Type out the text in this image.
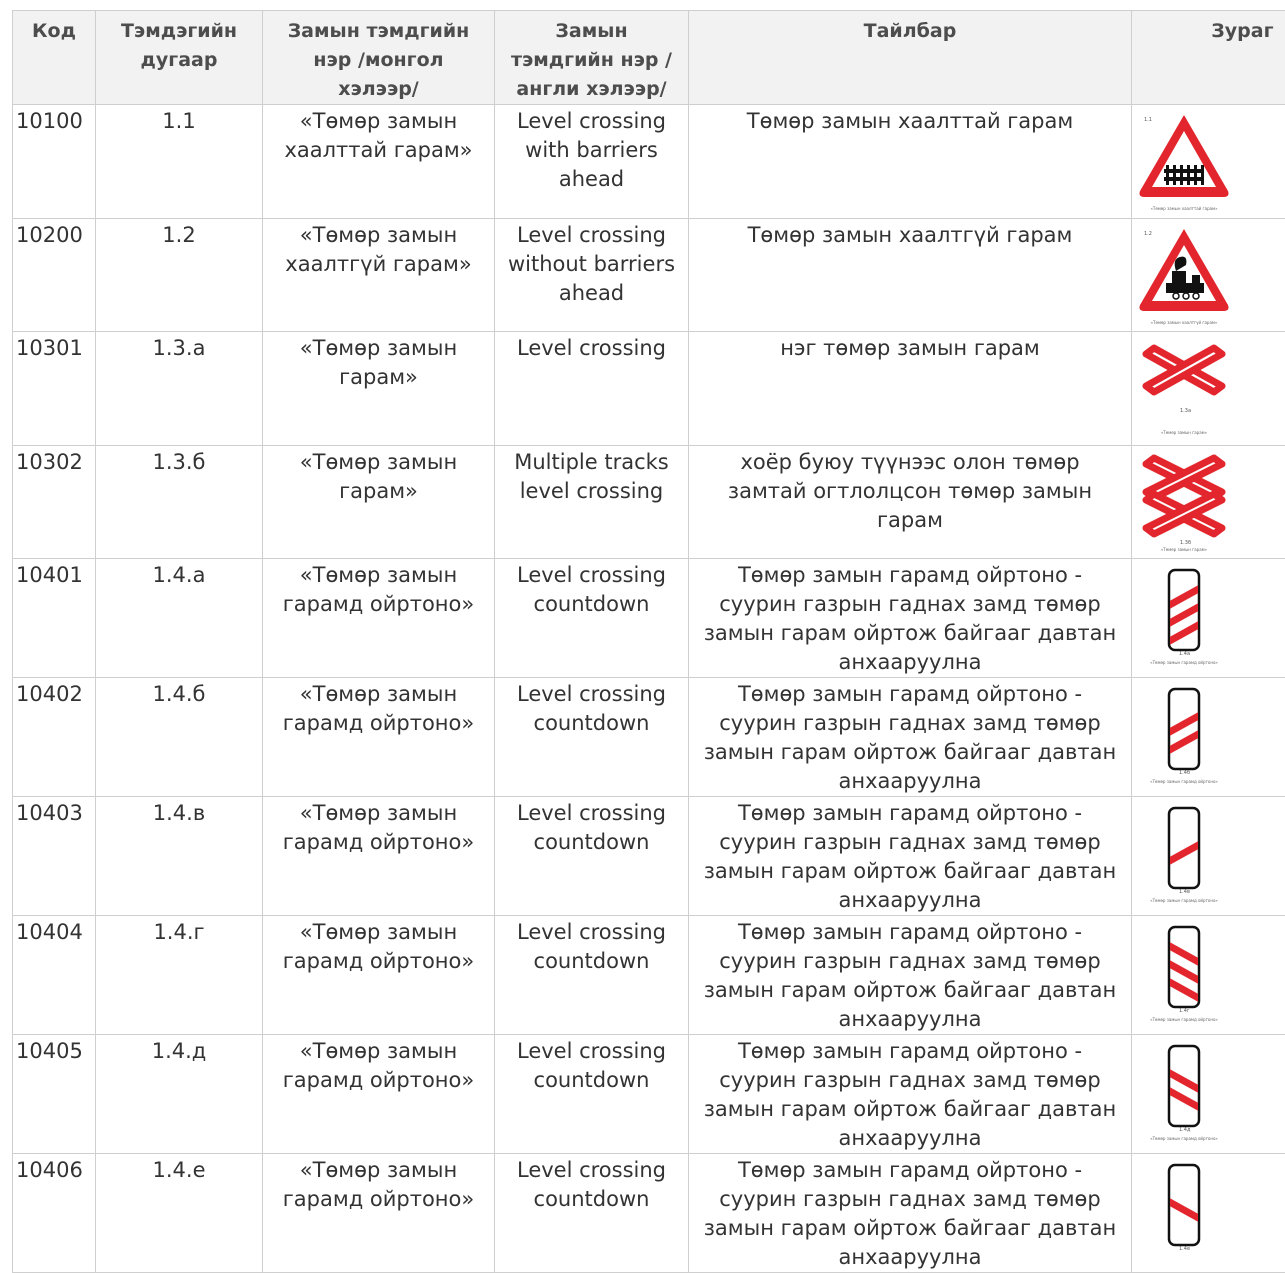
Код	Тэмдэгийн дугаар	Замын тэмдгийн нэр /монгол хэлээр/	Замын тэмдгийн нэр /англи хэлээр/	Тайлбар	Зураг
10100	1.1	«Төмөр замын хаалттай гарам»	Level crossing with barriers ahead	Төмөр замын хаалттай гарам	1.1
«Төмөр замын хаалттай гарам»

10200	1.2	«Төмөр замын хаалтгүй гарам»	Level crossing without barriers ahead	Төмөр замын хаалтгүй гарам	1.2
«Төмөр замын хаалтгүй гарам»

10301	1.3.а	«Төмөр замын гарам»	Level crossing	нэг төмөр замын гарам	1.3а
«Төмөр замын гарам»

10302	1.3.б	«Төмөр замын гарам»	Multiple tracks level crossing	хоёр буюу түүнээс олон төмөр замтай огтлолцсон төмөр замын гарам	1.3б
«Төмөр замын гарам»

10401	1.4.а	«Төмөр замын гарамд ойртоно»	Level crossing countdown	Төмөр замын гарамд ойртоно - суурин газрын гаднах замд төмөр замын гарам ойртож байгааг давтан анхааруулна	1.4а
«Төмөр замын гарамд ойртоно»

10402	1.4.б	«Төмөр замын гарамд ойртоно»	Level crossing countdown	Төмөр замын гарамд ойртоно - суурин газрын гаднах замд төмөр замын гарам ойртож байгааг давтан анхааруулна	1.4б
«Төмөр замын гарамд ойртоно»

10403	1.4.в	«Төмөр замын гарамд ойртоно»	Level crossing countdown	Төмөр замын гарамд ойртоно - суурин газрын гаднах замд төмөр замын гарам ойртож байгааг давтан анхааруулна	1.4в
«Төмөр замын гарамд ойртоно»

10404	1.4.г	«Төмөр замын гарамд ойртоно»	Level crossing countdown	Төмөр замын гарамд ойртоно - суурин газрын гаднах замд төмөр замын гарам ойртож байгааг давтан анхааруулна	1.4г
«Төмөр замын гарамд ойртоно»

10405	1.4.д	«Төмөр замын гарамд ойртоно»	Level crossing countdown	Төмөр замын гарамд ойртоно - суурин газрын гаднах замд төмөр замын гарам ойртож байгааг давтан анхааруулна	1.4д
«Төмөр замын гарамд ойртоно»

10406	1.4.е	«Төмөр замын гарамд ойртоно»	Level crossing countdown	Төмөр замын гарамд ойртоно - суурин газрын гаднах замд төмөр замын гарам ойртож байгааг давтан анхааруулна	1.4е
